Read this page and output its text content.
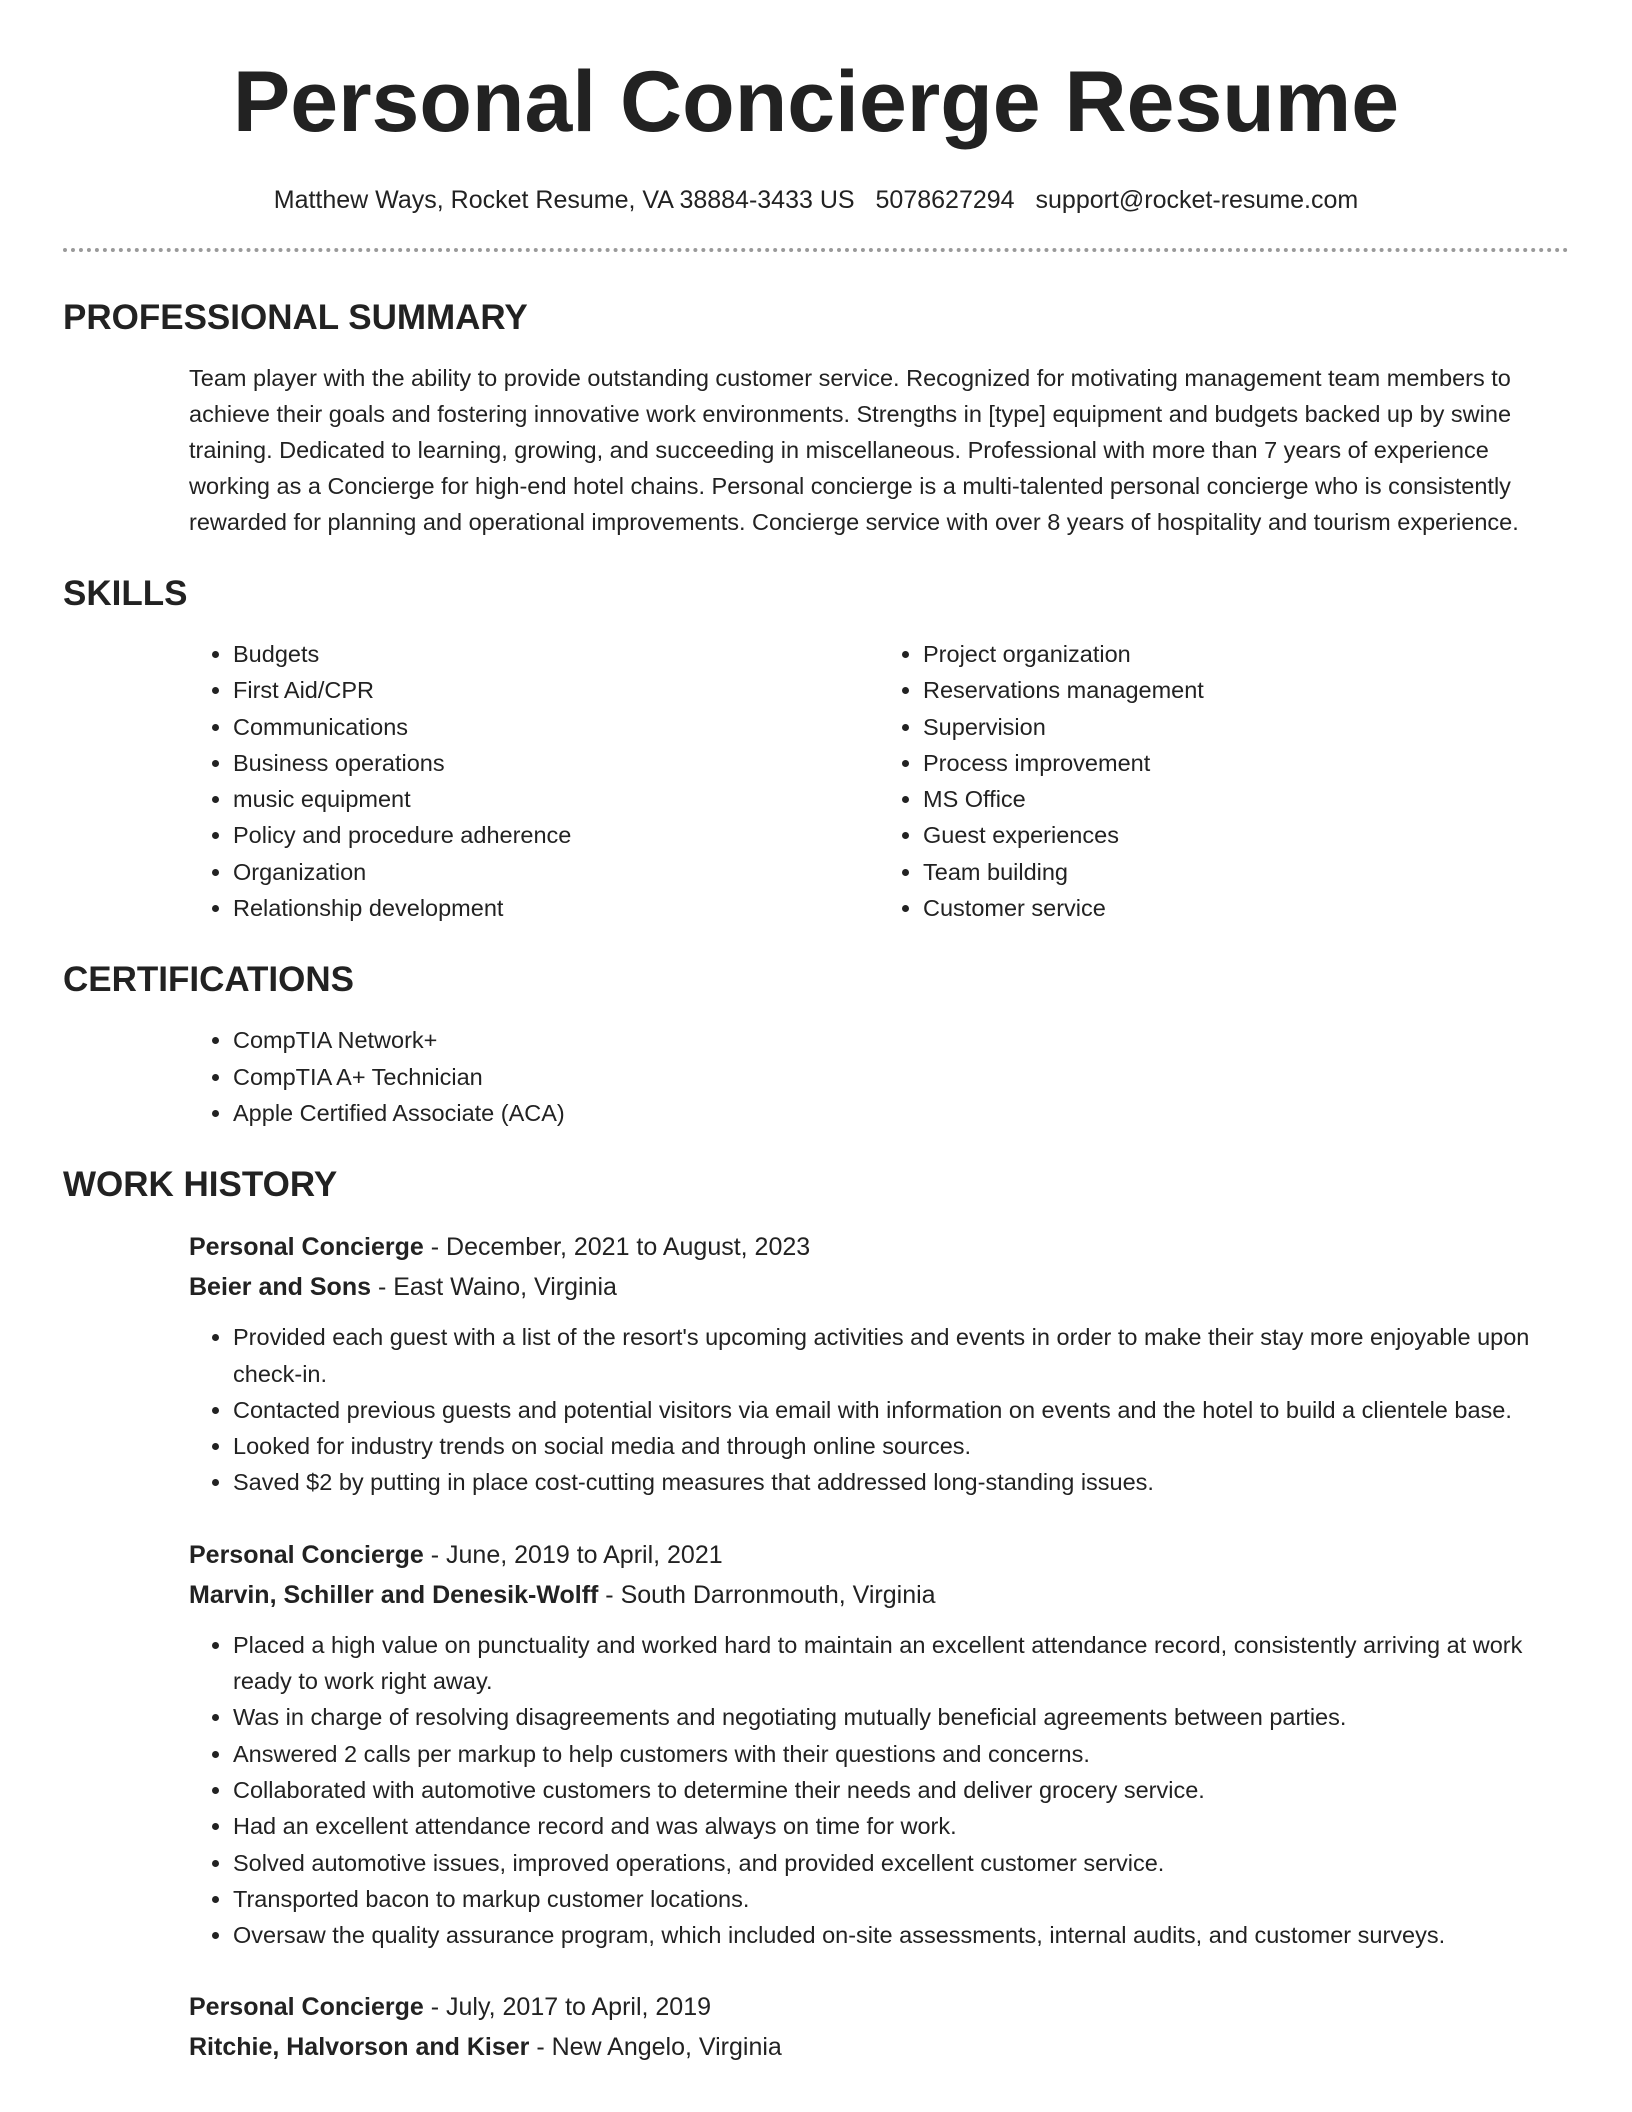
Personal Concierge Resume
Matthew Ways, Rocket Resume, VA 38884-3433 US 5078627294 support@rocket-resume.com
PROFESSIONAL SUMMARY

Team player with the ability to provide outstanding customer service. Recognized for motivating management team members to achieve their goals and fostering innovative work environments. Strengths in [type] equipment and budgets backed up by swine training. Dedicated to learning, growing, and succeeding in miscellaneous. Professional with more than 7 years of experience working as a Concierge for high-end hotel chains. Personal concierge is a multi-talented personal concierge who is consistently rewarded for planning and operational improvements. Concierge service with over 8 years of hospitality and tourism experience.

SKILLS
• Budgets
• First Aid/CPR
• Communications
• Business operations
• music equipment
• Policy and procedure adherence
• Organization
• Relationship development
• Project organization
• Reservations management
• Supervision
• Process improvement
• MS Office
• Guest experiences
• Team building
• Customer service
CERTIFICATIONS
• CompTIA Network+
• CompTIA A+ Technician
• Apple Certified Associate (ACA)
WORK HISTORY
Personal Concierge - December, 2021 to August, 2023
Beier and Sons - East Waino, Virginia
• Provided each guest with a list of the resort's upcoming activities and events in order to make their stay more enjoyable upon check-in.
• Contacted previous guests and potential visitors via email with information on events and the hotel to build a clientele base.
• Looked for industry trends on social media and through online sources.
• Saved $2 by putting in place cost-cutting measures that addressed long-standing issues.
Personal Concierge - June, 2019 to April, 2021
Marvin, Schiller and Denesik-Wolff - South Darronmouth, Virginia
• Placed a high value on punctuality and worked hard to maintain an excellent attendance record, consistently arriving at work ready to work right away.
• Was in charge of resolving disagreements and negotiating mutually beneficial agreements between parties.
• Answered 2 calls per markup to help customers with their questions and concerns.
• Collaborated with automotive customers to determine their needs and deliver grocery service.
• Had an excellent attendance record and was always on time for work.
• Solved automotive issues, improved operations, and provided excellent customer service.
• Transported bacon to markup customer locations.
• Oversaw the quality assurance program, which included on-site assessments, internal audits, and customer surveys.
Personal Concierge - July, 2017 to April, 2019
Ritchie, Halvorson and Kiser - New Angelo, Virginia
